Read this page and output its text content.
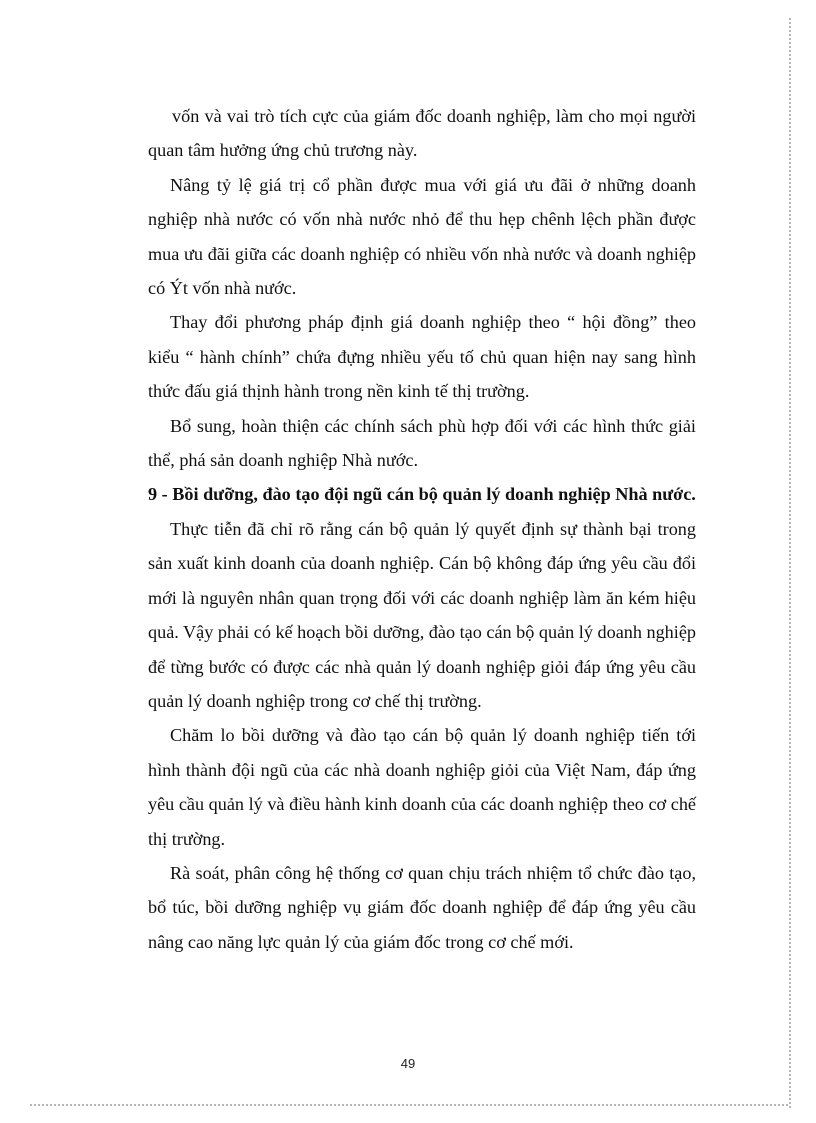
vốn và vai trò tích cực của giám đốc doanh nghiệp, làm cho mọi người quan tâm hưởng ứng chủ trương này.

Nâng tỷ lệ giá trị cổ phần được mua với giá ưu đãi ở những doanh nghiệp nhà nước có vốn nhà nước nhỏ để thu hẹp chênh lệch phần được mua ưu đãi giữa các doanh nghiệp có nhiều vốn nhà nước và doanh nghiệp có Ýt vốn nhà nước.

Thay đổi phương pháp định giá doanh nghiệp theo “ hội đồng” theo kiểu “ hành chính” chứa đựng nhiều yếu tố chủ quan hiện nay sang hình thức đấu giá thịnh hành trong nền kinh tế thị trường.

Bổ sung, hoàn thiện các chính sách phù hợp đối với các hình thức giải thể, phá sản doanh nghiệp Nhà nước.

9 - Bồi dưỡng, đào tạo đội ngũ cán bộ quản lý doanh nghiệp Nhà nước.

Thực tiễn đã chỉ rõ rằng cán bộ quản lý quyết định sự thành bại trong sản xuất kinh doanh của doanh nghiệp. Cán bộ không đáp ứng yêu cầu đổi mới là nguyên nhân quan trọng đối với các doanh nghiệp làm ăn kém hiệu quả. Vậy phải có kế hoạch bồi dưỡng, đào tạo cán bộ quản lý doanh nghiệp để từng bước có được các nhà quản lý doanh nghiệp giỏi đáp ứng yêu cầu quản lý doanh nghiệp trong cơ chế thị trường.

Chăm lo bồi dưỡng và đào tạo cán bộ quản lý doanh nghiệp tiến tới hình thành đội ngũ của các nhà doanh nghiệp giỏi của Việt Nam, đáp ứng yêu cầu quản lý và điều hành kinh doanh của các doanh nghiệp theo cơ chế thị trường.

Rà soát, phân công hệ thống cơ quan chịu trách nhiệm tổ chức đào tạo, bổ túc, bồi dưỡng nghiệp vụ giám đốc doanh nghiệp để đáp ứng yêu cầu nâng cao năng lực quản lý của giám đốc trong cơ chế mới.

49
